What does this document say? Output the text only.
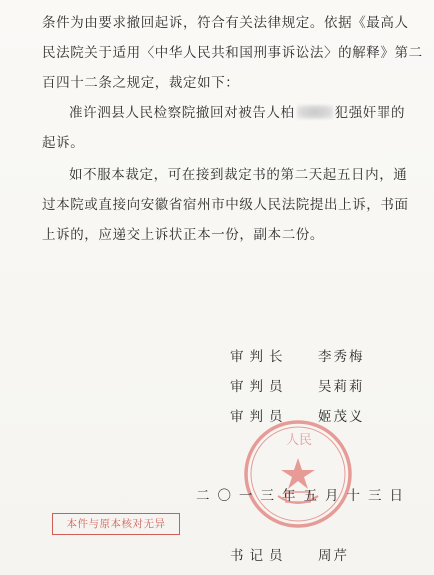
条件为由要求撤回起诉，符合有关法律规定。依据《最高人
民法院关于适用〈中华人民共和国刑事诉讼法〉的解释》第二
百四十二条之规定，裁定如下：
准许泗县人民检察院撤回对被告人柏	犯强奸罪的
起诉。
如不服本裁定，可在接到裁定书的第二天起五日内，通
过本院或直接向安徽省宿州市中级人民法院提出上诉，书面
上诉的，应递交上诉状正本一份，副本二份。
审判长 李秀梅
审判员 吴莉莉
审判员 姬茂义
人民
二〇一三年五月十三日
本件与原本核对无异
书记员 周芹
